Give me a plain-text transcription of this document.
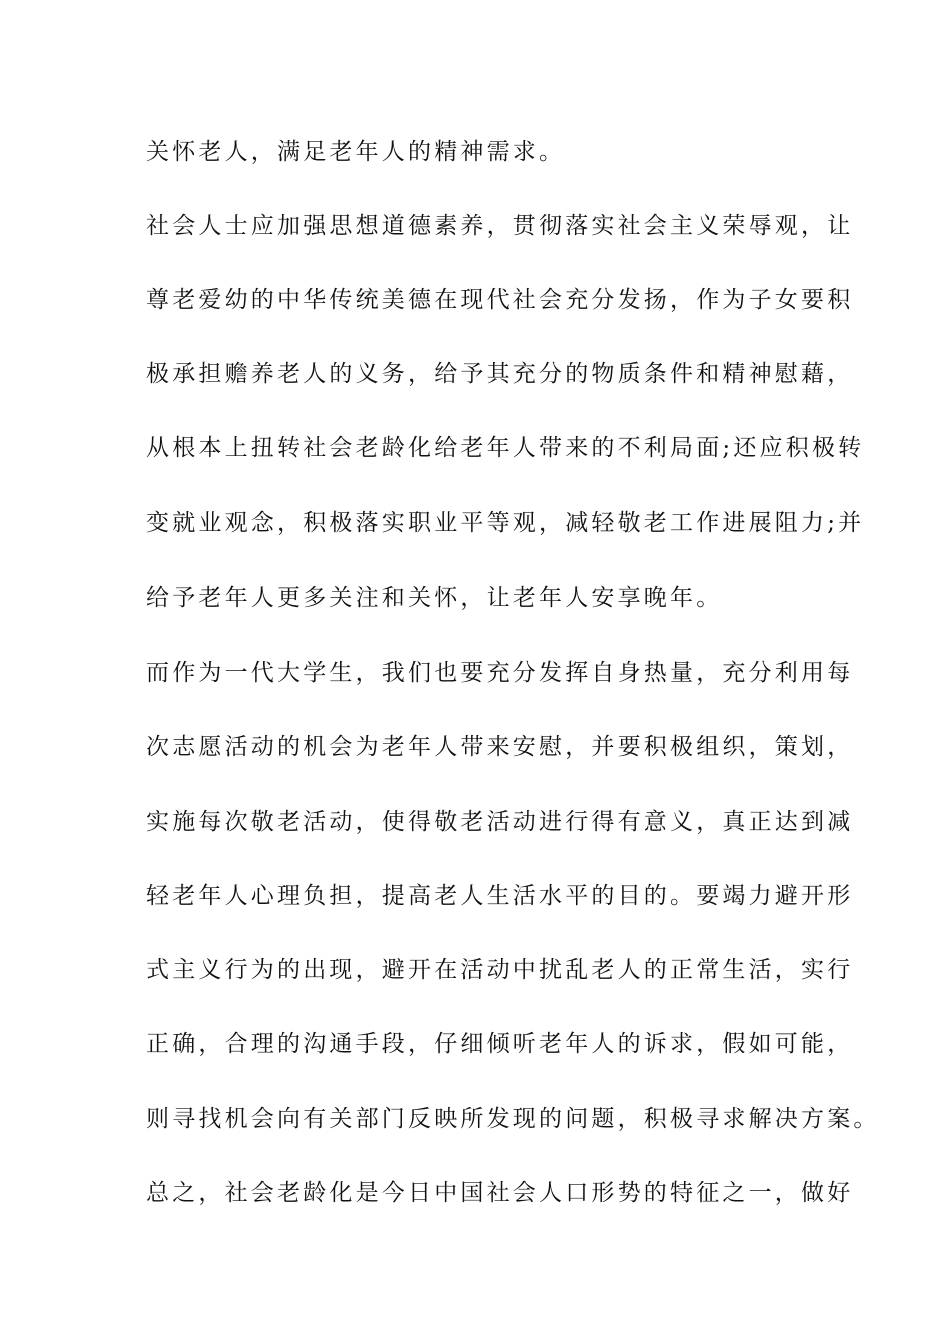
关怀老人，满足老年人的精神需求。
社会人士应加强思想道德素养，贯彻落实社会主义荣辱观，让
尊老爱幼的中华传统美德在现代社会充分发扬，作为子女要积
极承担赡养老人的义务，给予其充分的物质条件和精神慰藉，
从根本上扭转社会老龄化给老年人带来的不利局面;还应积极转
变就业观念，积极落实职业平等观，减轻敬老工作进展阻力;并
给予老年人更多关注和关怀，让老年人安享晚年。
而作为一代大学生，我们也要充分发挥自身热量，充分利用每
次志愿活动的机会为老年人带来安慰，并要积极组织，策划，
实施每次敬老活动，使得敬老活动进行得有意义，真正达到减
轻老年人心理负担，提高老人生活水平的目的。要竭力避开形
式主义行为的出现，避开在活动中扰乱老人的正常生活，实行
正确，合理的沟通手段，仔细倾听老年人的诉求，假如可能，
则寻找机会向有关部门反映所发现的问题，积极寻求解决方案。
总之，社会老龄化是今日中国社会人口形势的特征之一，做好
